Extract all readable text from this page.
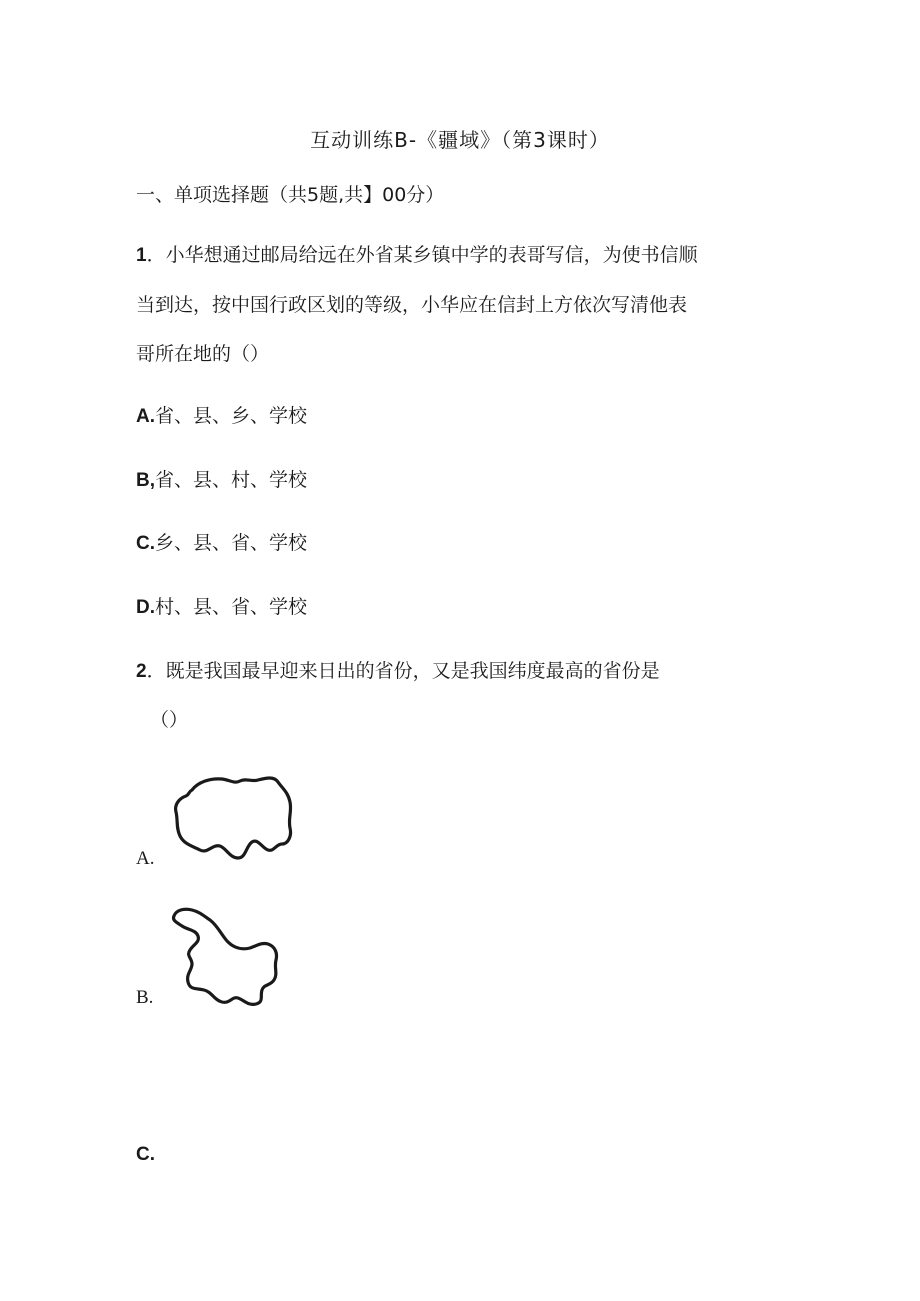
互动训练B-《疆域》（第3课时）
一、单项选择题（共5题,共】00分）
1．小华想通过邮局给远在外省某乡镇中学的表哥写信，为使书信顺
当到达，按中国行政区划的等级，小华应在信封上方依次写清他表
哥所在地的（）
A.省、县、乡、学校
B,省、县、村、学校
C.乡、县、省、学校
D.村、县、省、学校
2．既是我国最早迎来日出的省份，又是我国纬度最高的省份是
（）
A.
B.
C.
